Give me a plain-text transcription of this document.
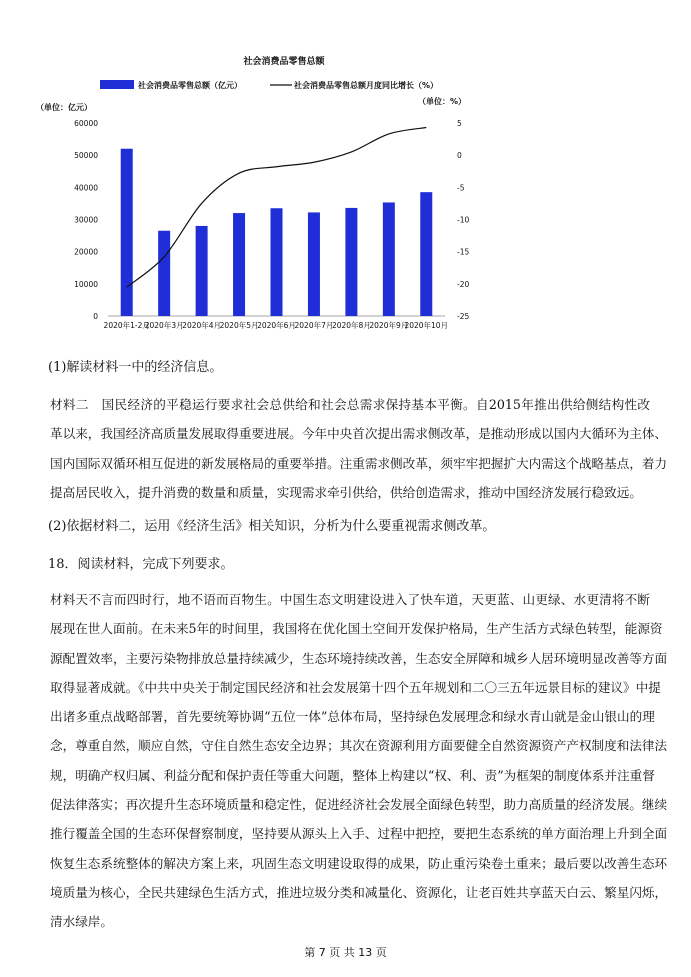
社会消费品零售总额
社会消费品零售总额（亿元）	社会消费品零售总额月度同比增长（%）
（单位：亿元）
（单位：%）
0
10000
20000
30000
40000
50000
60000
-25
-20
-15
-10
-5
0
5
2020年1-2月
2020年3月
2020年4月
2020年5月
2020年6月
2020年7月
2020年8月
2020年9月
2020年10月
(1)解读材料一中的经济信息。
材料二　国民经济的平稳运行要求社会总供给和社会总需求保持基本平衡。自2015年推出供给侧结构性改
革以来，我国经济高质量发展取得重要进展。今年中央首次提出需求侧改革，是推动形成以国内大循环为主体、
国内国际双循环相互促进的新发展格局的重要举措。注重需求侧改革，须牢牢把握扩大内需这个战略基点，着力
提高居民收入，提升消费的数量和质量，实现需求牵引供给，供给创造需求，推动中国经济发展行稳致远。
(2)依据材料二，运用《经济生活》相关知识，分析为什么要重视需求侧改革。
18．阅读材料，完成下列要求。
材料天不言而四时行，地不语而百物生。中国生态文明建设进入了快车道，天更蓝、山更绿、水更清将不断
展现在世人面前。在未来5年的时间里，我国将在优化国土空间开发保护格局，生产生活方式绿色转型，能源资
源配置效率，主要污染物排放总量持续减少，生态环境持续改善，生态安全屏障和城乡人居环境明显改善等方面
取得显著成就。《中共中央关于制定国民经济和社会发展第十四个五年规划和二〇三五年远景目标的建议》中提
出诸多重点战略部署，首先要统筹协调“五位一体”总体布局，坚持绿色发展理念和绿水青山就是金山银山的理
念，尊重自然，顺应自然，守住自然生态安全边界；其次在资源利用方面要健全自然资源资产产权制度和法律法
规，明确产权归属、利益分配和保护责任等重大问题，整体上构建以“权、利、责”为框架的制度体系并注重督
促法律落实；再次提升生态环境质量和稳定性，促进经济社会发展全面绿色转型，助力高质量的经济发展。继续
推行覆盖全国的生态环保督察制度，坚持要从源头上入手、过程中把控，要把生态系统的单方面治理上升到全面
恢复生态系统整体的解决方案上来，巩固生态文明建设取得的成果，防止重污染卷土重来；最后要以改善生态环
境质量为核心，全民共建绿色生活方式，推进垃圾分类和减量化、资源化，让老百姓共享蓝天白云、繁星闪烁，
清水绿岸。
第 7 页 共 13 页
